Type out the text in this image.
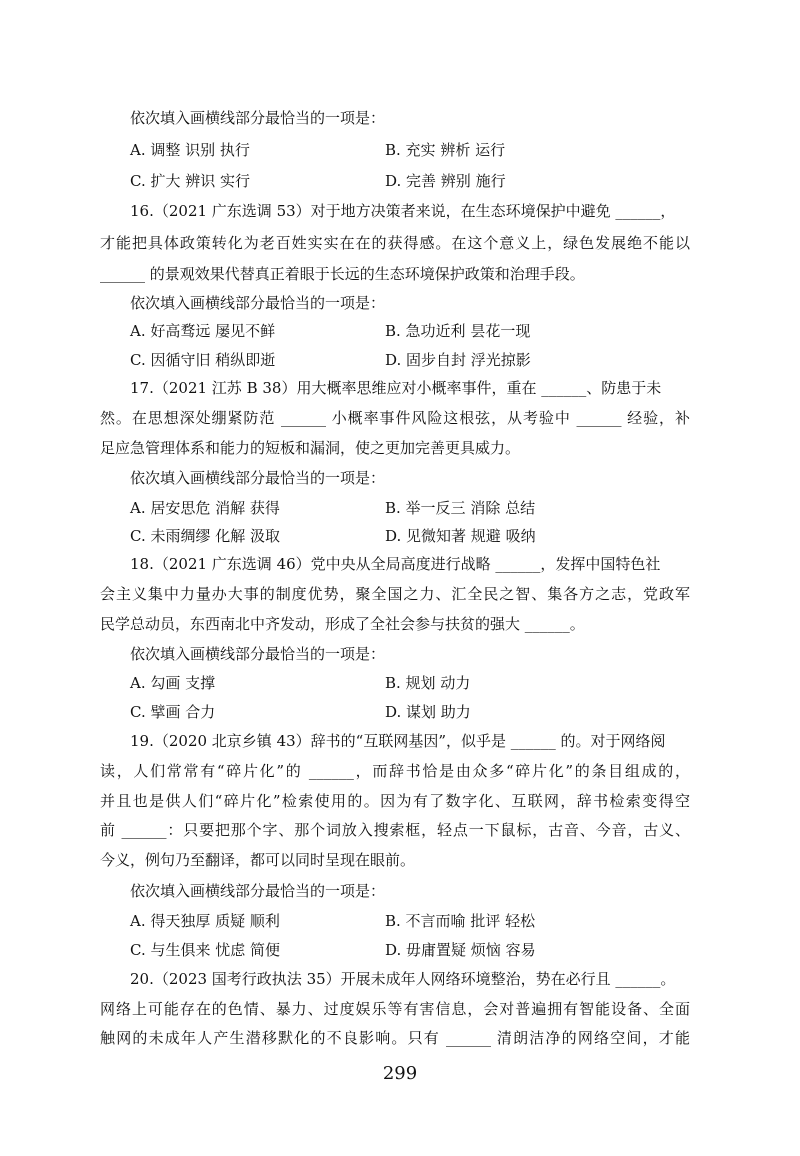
依次填入画横线部分最恰当的一项是：
A. 调整 识别 执行	B. 充实 辨析 运行
C. 扩大 辨识 实行	D. 完善 辨别 施行
16.（2021 广东选调 53）对于地方决策者来说，在生态环境保护中避免 ______，
才能把具体政策转化为老百姓实实在在的获得感。在这个意义上，绿色发展绝不能以
______ 的景观效果代替真正着眼于长远的生态环境保护政策和治理手段。
依次填入画横线部分最恰当的一项是：
A. 好高骛远 屡见不鲜	B. 急功近利 昙花一现
C. 因循守旧 稍纵即逝	D. 固步自封 浮光掠影
17.（2021 江苏 B 38）用大概率思维应对小概率事件，重在 ______、防患于未
然。在思想深处绷紧防范 ______ 小概率事件风险这根弦，从考验中 ______ 经验，补
足应急管理体系和能力的短板和漏洞，使之更加完善更具威力。
依次填入画横线部分最恰当的一项是：
A. 居安思危 消解 获得	B. 举一反三 消除 总结
C. 未雨绸缪 化解 汲取	D. 见微知著 规避 吸纳
18.（2021 广东选调 46）党中央从全局高度进行战略 ______，发挥中国特色社
会主义集中力量办大事的制度优势，聚全国之力、汇全民之智、集各方之志，党政军
民学总动员，东西南北中齐发动，形成了全社会参与扶贫的强大 ______。
依次填入画横线部分最恰当的一项是：
A. 勾画 支撑	B. 规划 动力
C. 擘画 合力	D. 谋划 助力
19.（2020 北京乡镇 43）辞书的“互联网基因”，似乎是 ______ 的。对于网络阅
读，人们常常有“碎片化”的 ______，而辞书恰是由众多“碎片化”的条目组成的，
并且也是供人们“碎片化”检索使用的。因为有了数字化、互联网，辞书检索变得空
前 ______：只要把那个字、那个词放入搜索框，轻点一下鼠标，古音、今音，古义、
今义，例句乃至翻译，都可以同时呈现在眼前。
依次填入画横线部分最恰当的一项是：
A. 得天独厚 质疑 顺利	B. 不言而喻 批评 轻松
C. 与生俱来 忧虑 简便	D. 毋庸置疑 烦恼 容易
20.（2023 国考行政执法 35）开展未成年人网络环境整治，势在必行且 ______。
网络上可能存在的色情、暴力、过度娱乐等有害信息，会对普遍拥有智能设备、全面
触网的未成年人产生潜移默化的不良影响。只有 ______ 清朗洁净的网络空间，才能
299
